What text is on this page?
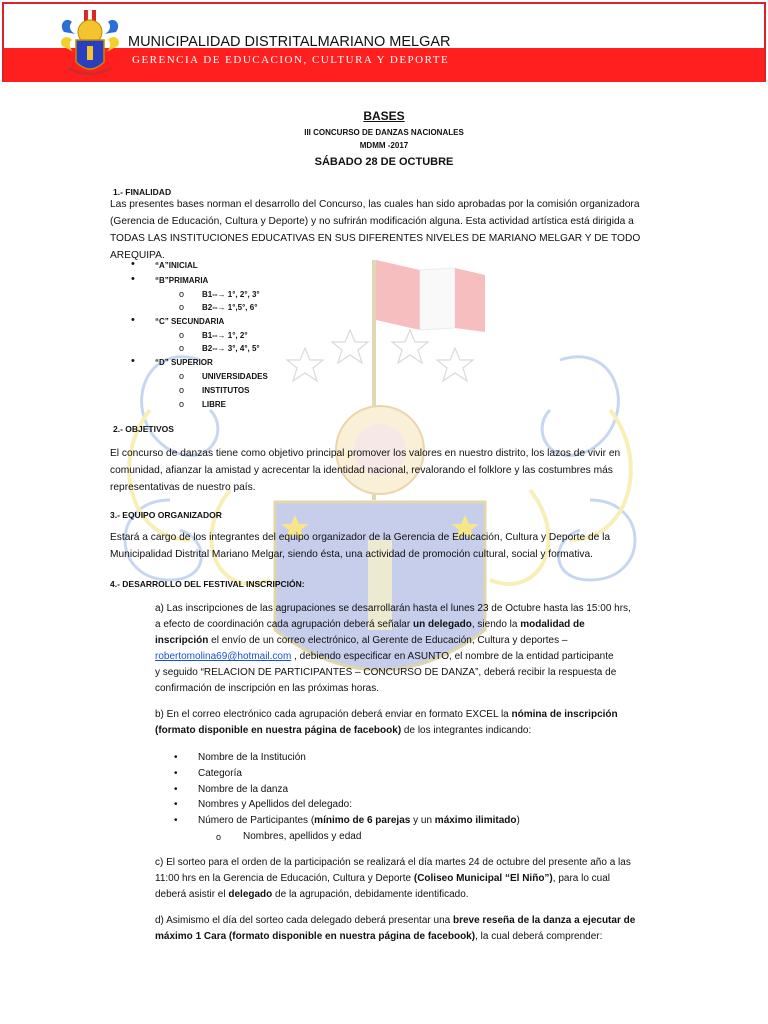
MUNICIPALIDAD DISTRITALMARIANO MELGAR
GERENCIA DE EDUCACION, CULTURA Y DEPORTE
BASES
III CONCURSO DE DANZAS NACIONALES
MDMM -2017
SÁBADO 28 DE OCTUBRE
1.- FINALIDAD
Las presentes bases norman el desarrollo del Concurso, las cuales han sido aprobadas por la comisión organizadora
(Gerencia de Educación, Cultura y Deporte) y no sufrirán modificación alguna. Esta actividad artística está dirigida a
TODAS LAS INSTITUCIONES EDUCATIVAS EN SUS DIFERENTES NIVELES DE MARIANO MELGAR Y DE TODO AREQUIPA.
•	“A”INICIAL
•	“B”PRIMARIA
o B1--→ 1°, 2°, 3°
o B2--→ 1°,5°, 6°
•	“C” SECUNDARIA
o B1--→ 1°, 2°
o B2--→ 3°, 4°, 5°
•	“D” SUPERIOR
o UNIVERSIDADES
o INSTITUTOS
o LIBRE
2.- OBJETIVOS
El concurso de danzas tiene como objetivo principal promover los valores en nuestro distrito, los lazos de vivir en
comunidad, afianzar la amistad y acrecentar la identidad nacional, revalorando el folklore y las costumbres más
representativas de nuestro país.
3.- EQUIPO ORGANIZADOR
Estará a cargo de los integrantes del equipo organizador de la Gerencia de Educación, Cultura y Deporte de la
Municipalidad Distrital Mariano Melgar, siendo ésta, una actividad de promoción cultural, social y formativa.
4.- DESARROLLO DEL FESTIVAL INSCRIPCIÓN:
a) Las inscripciones de las agrupaciones se desarrollarán hasta el lunes 23 de Octubre hasta las 15:00 hrs,
a efecto de coordinación cada agrupación deberá señalar un delegado, siendo la modalidad de
inscripción el envío de un correo electrónico, al Gerente de Educación, Cultura y deportes –
robertomolina69@hotmail.com , debiendo especificar en ASUNTO, el nombre de la entidad participante
y seguido “RELACION DE PARTICIPANTES – CONCURSO DE DANZA”, deberá recibir la respuesta de
confirmación de inscripción en las próximas horas.
b) En el correo electrónico cada agrupación deberá enviar en formato EXCEL la nómina de inscripción
(formato disponible en nuestra página de facebook) de los integrantes indicando:
• Nombre de la Institución
• Categoría
• Nombre de la danza
• Nombres y Apellidos del delegado:
• Número de Participantes (mínimo de 6 parejas y un máximo ilimitado)
o Nombres, apellidos y edad
c) El sorteo para el orden de la participación se realizará el día martes 24 de octubre del presente año a las
11:00 hrs en la Gerencia de Educación, Cultura y Deporte (Coliseo Municipal “El Niño”), para lo cual
deberá asistir el delegado de la agrupación, debidamente identificado.
d) Asimismo el día del sorteo cada delegado deberá presentar una breve reseña de la danza a ejecutar de
máximo 1 Cara (formato disponible en nuestra página de facebook), la cual deberá comprender:
